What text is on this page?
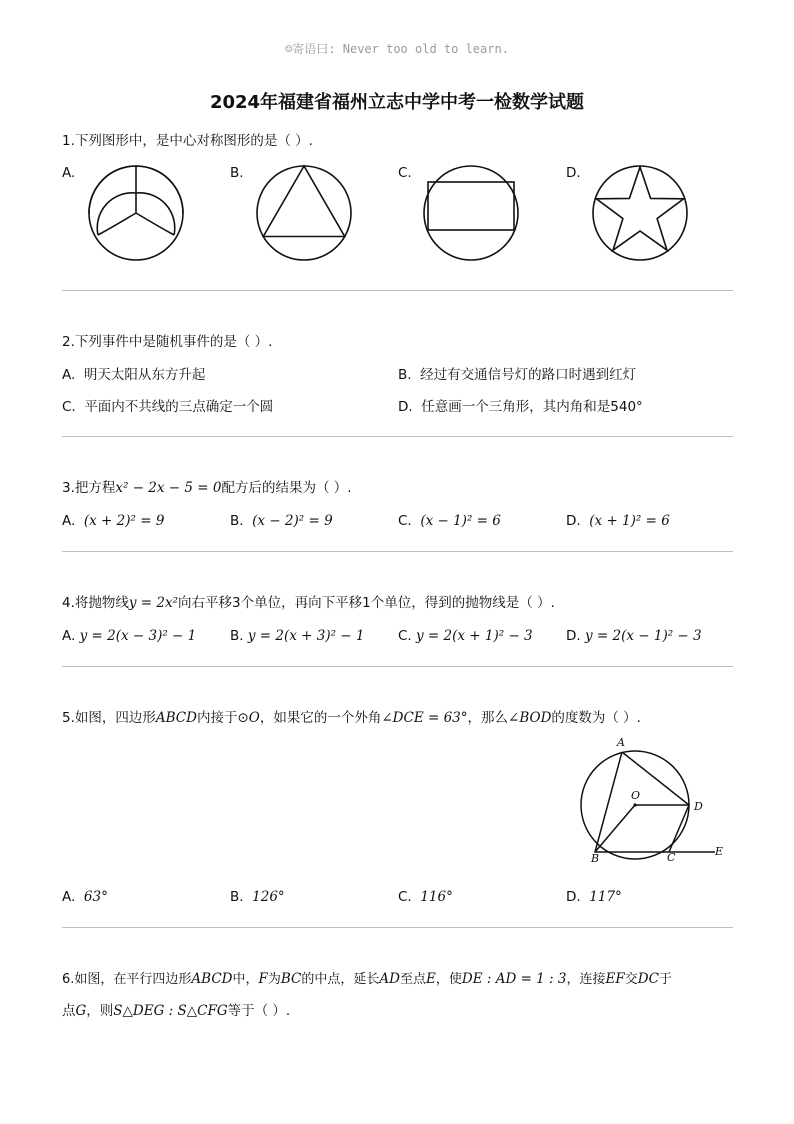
☺寄语曰: Never too old to learn.
2024年福建省福州立志中学中考一检数学试题
1.下列图形中，是中心对称图形的是（ ）.
A.	B.	C.	D.
2.下列事件中是随机事件的是（ ）.
A. 明天太阳从东方升起	B. 经过有交通信号灯的路口时遇到红灯
C. 平面内不共线的三点确定一个圆	D. 任意画一个三角形，其内角和是540°
3.把方程x² − 2x − 5 = 0配方后的结果为（ ）.
A. (x + 2)² = 9	B. (x − 2)² = 9	C. (x − 1)² = 6	D. (x + 1)² = 6
4.将抛物线y = 2x²向右平移3个单位，再向下平移1个单位，得到的抛物线是（ ）.
A. y = 2(x − 3)² − 1	B. y = 2(x + 3)² − 1 C. y = 2(x + 1)² − 3 D. y = 2(x − 1)² − 3
5.如图，四边形ABCD内接于⊙O，如果它的一个外角∠DCE = 63°，那么∠BOD的度数为（ ）.
A
O
D
B	C	E
A. 63°	B. 126°	C. 116°	D. 117°
6.如图，在平行四边形ABCD中，F为BC的中点，延长AD至点E，使DE : AD = 1 : 3，连接EF交DC于
点G，则S△DEG : S△CFG等于（ ）.
